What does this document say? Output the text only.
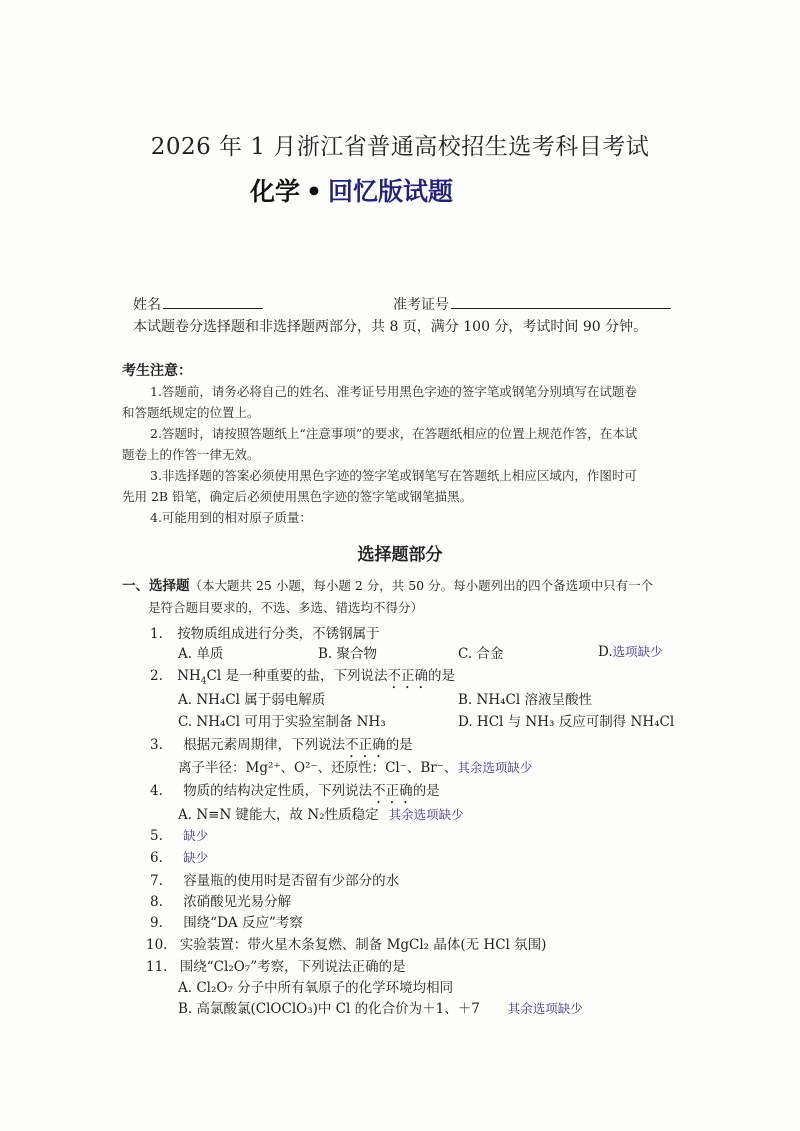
2026 年 1 月浙江省普通高校招生选考科目考试
化学 • 回忆版试题
姓名	准考证号
本试题卷分选择题和非选择题两部分，共 8 页，满分 100 分，考试时间 90 分钟。
考生注意：
1.答题前，请务必将自己的姓名、准考证号用黑色字迹的签字笔或钢笔分别填写在试题卷
和答题纸规定的位置上。
2.答题时，请按照答题纸上“注意事项”的要求，在答题纸相应的位置上规范作答，在本试
题卷上的作答一律无效。
3.非选择题的答案必须使用黑色字迹的签字笔或钢笔写在答题纸上相应区域内，作图时可
先用 2B 铅笔，确定后必须使用黑色字迹的签字笔或钢笔描黑。
4.可能用到的相对原子质量：
选择题部分
一、选择题（本大题共 25 小题，每小题 2 分，共 50 分。每小题列出的四个备选项中只有一个
是符合题目要求的，不选、多选、错选均不得分）
1. 按物质组成进行分类，不锈钢属于
A. 单质	B. 聚合物	C. 合金	D.选项缺少
2. $NH_4Cl$ 是一种重要的盐，下列说法不正确的是
A. NH₄Cl 属于弱电解质	B. NH₄Cl 溶液呈酸性
C. NH₄Cl 可用于实验室制备 NH₃	D. HCl 与 NH₃ 反应可制得 NH₄Cl
3. 根据元素周期律，下列说法不正确的是
离子半径：Mg²⁺、O²⁻、还原性：Cl⁻、Br⁻、其余选项缺少
4. 物质的结构决定性质，下列说法不正确的是
A. N≡N 键能大，故 N₂性质稳定 其余选项缺少
5. 缺少
6. 缺少
7. 容量瓶的使用时是否留有少部分的水
8. 浓硝酸见光易分解
9. 围绕“DA 反应”考察
10. 实验装置：带火星木条复燃、制备 MgCl₂ 晶体(无 HCl 氛围)
11. 围绕“Cl₂O₇”考察，下列说法正确的是
A. Cl₂O₇ 分子中所有氧原子的化学环境均相同
B. 高氯酸氯(ClOClO₃)中 Cl 的化合价为＋1、＋7 其余选项缺少
